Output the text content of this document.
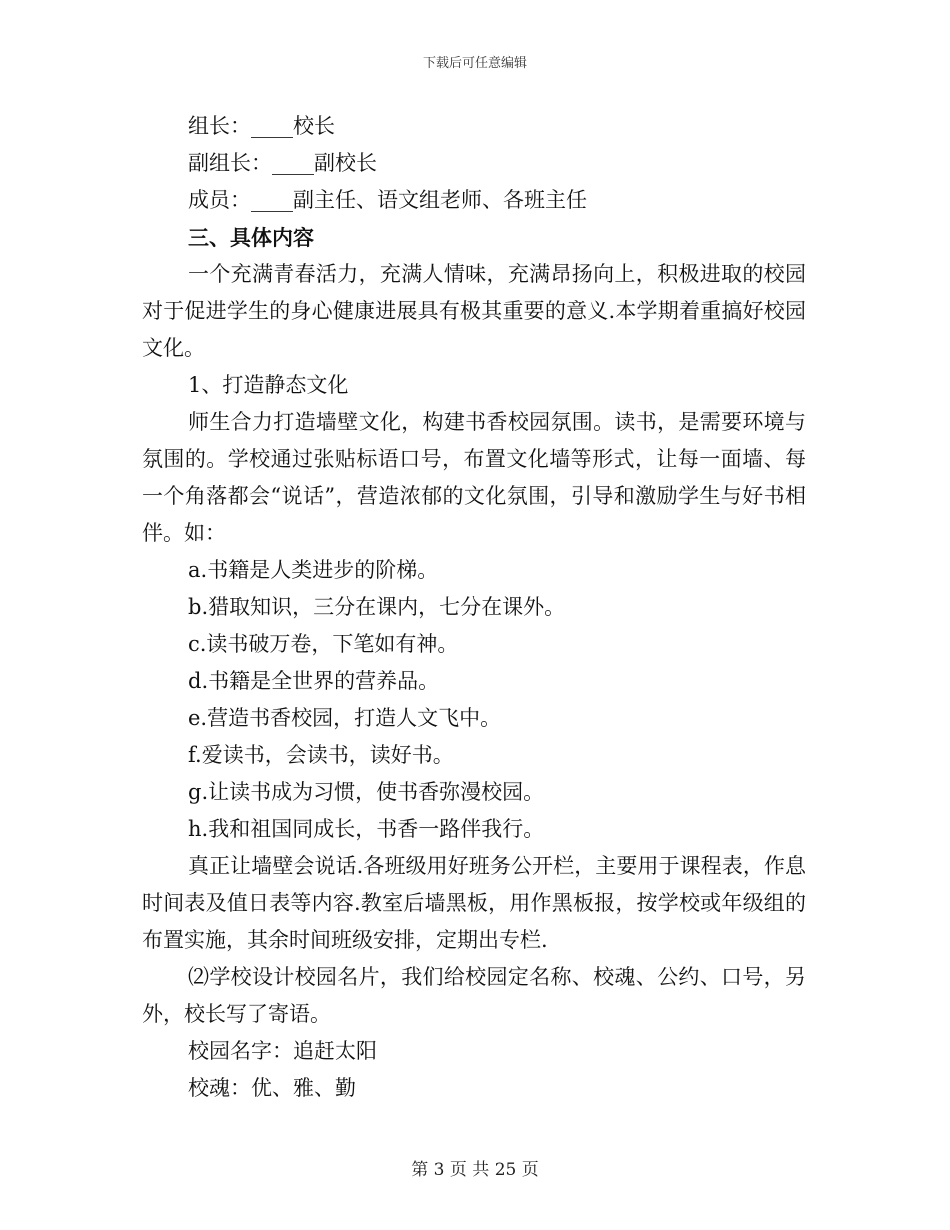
下载后可任意编辑
组长：____校长
副组长：____副校长
成员：____副主任、语文组老师、各班主任
三、具体内容
一个充满青春活力，充满人情味，充满昂扬向上，积极进取的校园对于促进学生的身心健康进展具有极其重要的意义.本学期着重搞好校园文化。
1、打造静态文化
师生合力打造墙壁文化，构建书香校园氛围。读书，是需要环境与氛围的。学校通过张贴标语口号，布置文化墙等形式，让每一面墙、每一个角落都会“说话”，营造浓郁的文化氛围，引导和激励学生与好书相伴。如：
a.书籍是人类进步的阶梯。
b.猎取知识，三分在课内，七分在课外。
c.读书破万卷，下笔如有神。
d.书籍是全世界的营养品。
e.营造书香校园，打造人文飞中。
f.爱读书，会读书，读好书。
g.让读书成为习惯，使书香弥漫校园。
h.我和祖国同成长，书香一路伴我行。
真正让墙壁会说话.各班级用好班务公开栏，主要用于课程表，作息时间表及值日表等内容.教室后墙黑板，用作黑板报，按学校或年级组的布置实施，其余时间班级安排，定期出专栏.
⑵学校设计校园名片，我们给校园定名称、校魂、公约、口号，另外，校长写了寄语。
校园名字：追赶太阳
校魂：优、雅、勤
第 3 页 共 25 页
